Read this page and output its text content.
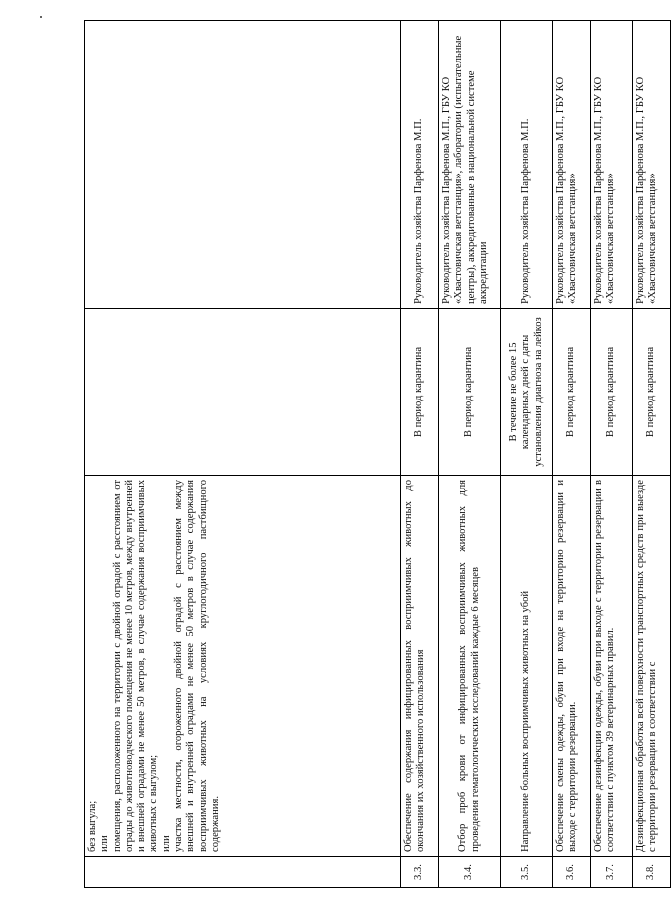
	без выгула; или помещения, расположенного на территории с двойной оградой с расстоянием от ограды до животноводческого помещения не менее 10 метров, между внутренней и внешней оградами не менее 50 метров, в случае содержания восприимчивых животных с выгулом; или участка местности, огороженного двойной оградой с расстоянием между внешней и внутренней оградами не менее 50 метров в случае содержания восприимчивых животных на условиях круглогодичного пастбищного содержания.		

3.3.	Обеспечение содержания инфицированных восприимчивых животных до окончания их хозяйственного использования	В период карантина	Руководитель хозяйства Парфенова М.П.
3.4.	Отбор проб крови от инфицированных восприимчивых животных для проведения гематологических исследований каждые 6 месяцев	В период карантина	Руководитель хозяйства Парфенова М.П., ГБУ КО «Хвастовичская ветстанция», лаборатории (испытательные центры), аккредитованные в национальной системе аккредитации
3.5.	Направление больных восприимчивых животных на убой	В течение не более 15 календарных дней с даты установления диагноза на лейкоз	Руководитель хозяйства Парфенова М.П.
3.6.	Обеспечение смены одежды, обуви при входе на территорию резервации и выходе с территории резервации.	В период карантина	Руководитель хозяйства Парфенова М.П., ГБУ КО «Хвастовичская ветстанция»
3.7.	Обеспечение дезинфекции одежды, обуви при выходе с территории резервации в соответствии с пунктом 39 ветеринарных правил.	В период карантина	Руководитель хозяйства Парфенова М.П., ГБУ КО «Хвастовичская ветстанция»
3.8.	Дезинфекционная обработка всей поверхности транспортных средств при выезде с территории резервации в соответствии с	В период карантина	Руководитель хозяйства Парфенова М.П., ГБУ КО «Хвастовичская ветстанция»
